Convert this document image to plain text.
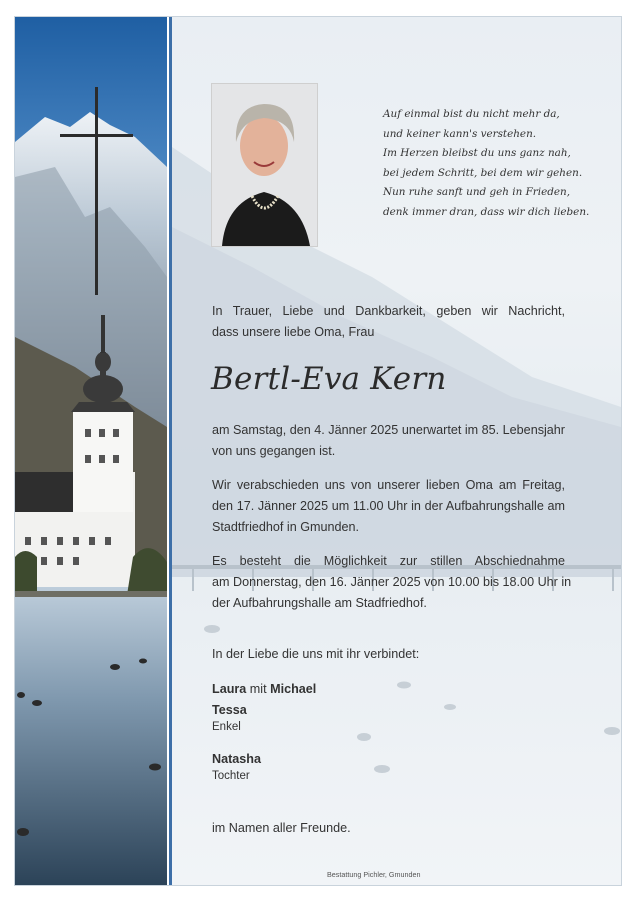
Auf einmal bist du nicht mehr da,
und keiner kann's verstehen.
Im Herzen bleibst du uns ganz nah,
bei jedem Schritt, bei dem wir gehen.
Nun ruhe sanft und geh in Frieden,
denk immer dran, dass wir dich lieben.
In Trauer, Liebe und Dankbarkeit, geben wir Nachricht,
dass unsere liebe Oma, Frau
Bertl-Eva Kern
am Samstag, den 4. Jänner 2025 unerwartet im 85. Lebensjahr
von uns gegangen ist.
Wir verabschieden uns von unserer lieben Oma am Freitag,
den 17. Jänner 2025 um 11.00 Uhr in der Aufbahrungshalle am
Stadtfriedhof in Gmunden.
Es besteht die Möglichkeit zur stillen Abschiednahme
am Donnerstag, den 16. Jänner 2025 von 10.00 bis 18.00 Uhr in
der Aufbahrungshalle am Stadfriedhof.
In der Liebe die uns mit ihr verbindet:
Laura mit Michael
Tessa
Enkel
Natasha
Tochter
im Namen aller Freunde.
Bestattung Pichler, Gmunden
